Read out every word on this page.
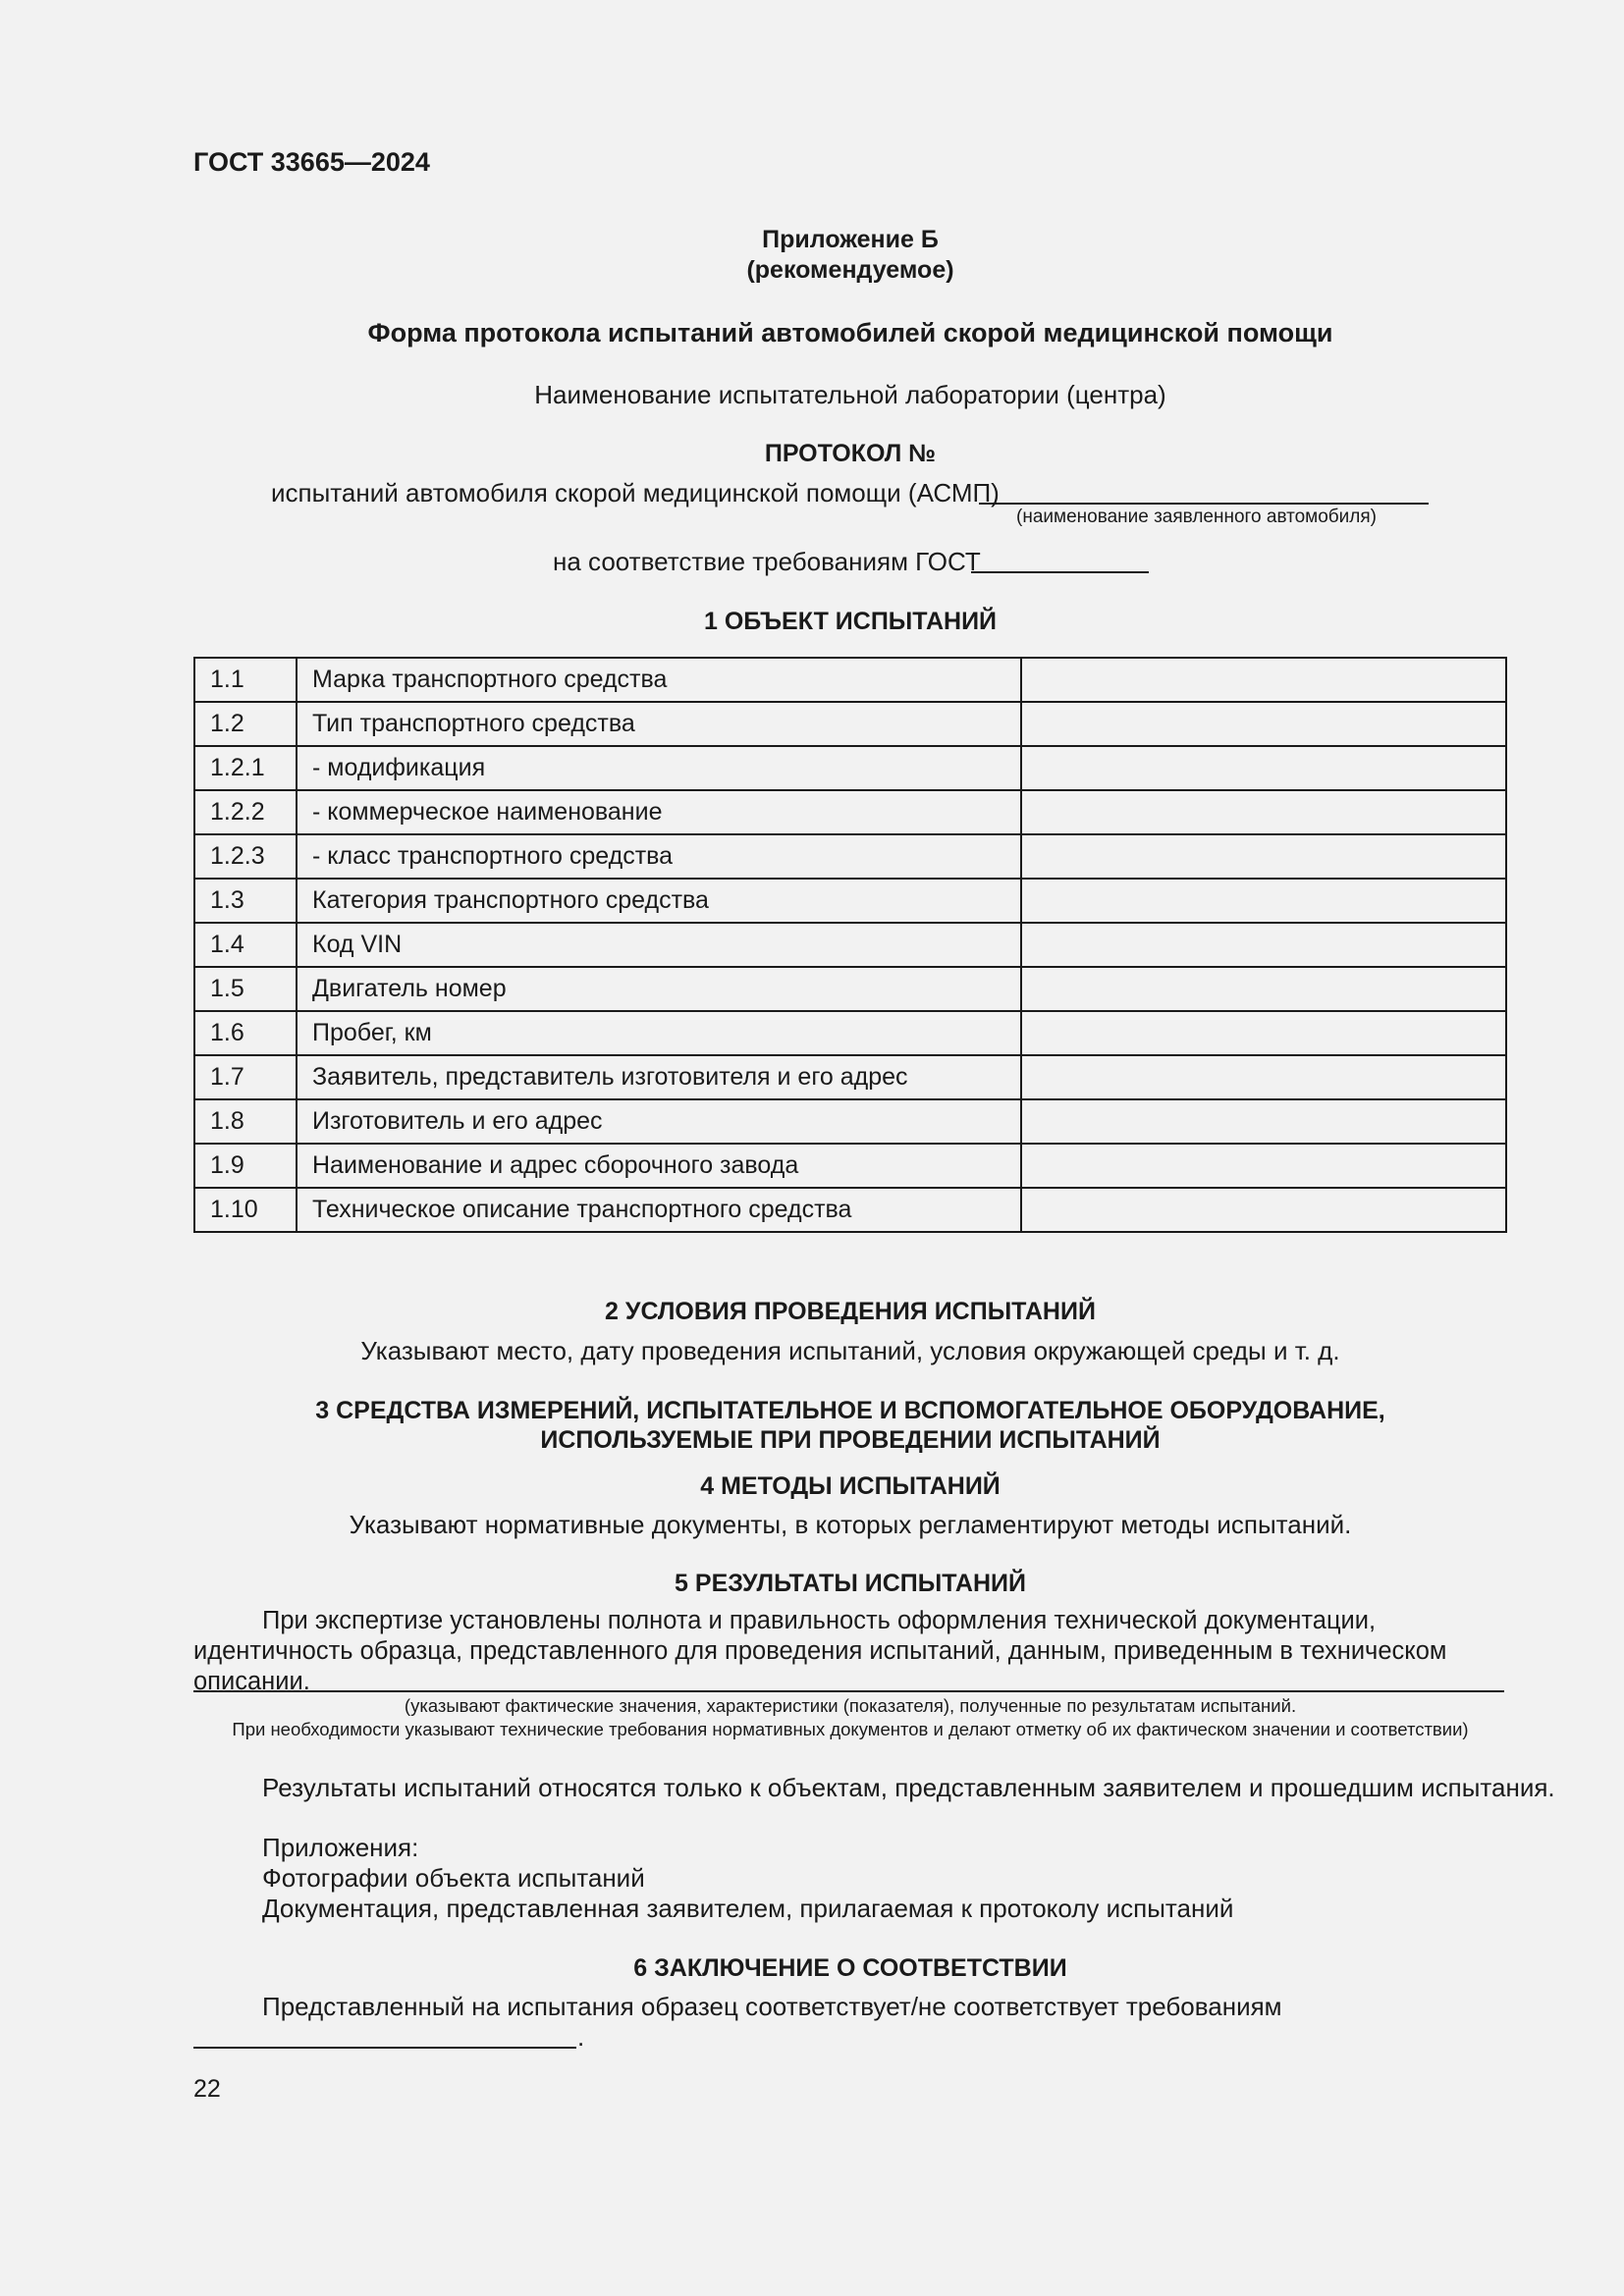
ГОСТ 33665—2024
Приложение Б
(рекомендуемое)
Форма протокола испытаний автомобилей скорой медицинской помощи
Наименование испытательной лаборатории (центра)
ПРОТОКОЛ №
испытаний автомобиля скорой медицинской помощи (АСМП)
(наименование заявленного автомобиля)
на соответствие требованиям ГОСТ
1 ОБЪЕКТ ИСПЫТАНИЙ
1.1	Марка транспортного средства	
1.2	Тип транспортного средства	
1.2.1	- модификация	
1.2.2	- коммерческое наименование	
1.2.3	- класс транспортного средства	
1.3	Категория транспортного средства	
1.4	Код VIN	
1.5	Двигатель номер	
1.6	Пробег, км	
1.7	Заявитель, представитель изготовителя и его адрес	
1.8	Изготовитель и его адрес	
1.9	Наименование и адрес сборочного завода	
1.10	Техническое описание транспортного средства	
2 УСЛОВИЯ ПРОВЕДЕНИЯ ИСПЫТАНИЙ
Указывают место, дату проведения испытаний, условия окружающей среды и т. д.
3 СРЕДСТВА ИЗМЕРЕНИЙ, ИСПЫТАТЕЛЬНОЕ И ВСПОМОГАТЕЛЬНОЕ ОБОРУДОВАНИЕ,
ИСПОЛЬЗУЕМЫЕ ПРИ ПРОВЕДЕНИИ ИСПЫТАНИЙ
4 МЕТОДЫ ИСПЫТАНИЙ
Указывают нормативные документы, в которых регламентируют методы испытаний.
5 РЕЗУЛЬТАТЫ ИСПЫТАНИЙ
При экспертизе установлены полнота и правильность оформления технической документации, идентичность образца, представленного для проведения испытаний, данным, приведенным в техническом описании.
(указывают фактические значения, характеристики (показателя), полученные по результатам испытаний.
При необходимости указывают технические требования нормативных документов и делают отметку об их фактическом значении и соответствии)
Результаты испытаний относятся только к объектам, представленным заявителем и прошедшим испытания.
Приложения:
Фотографии объекта испытаний
Документация, представленная заявителем, прилагаемая к протоколу испытаний
6 ЗАКЛЮЧЕНИЕ О СООТВЕТСТВИИ
Представленный на испытания образец соответствует/не соответствует требованиям
.
22
